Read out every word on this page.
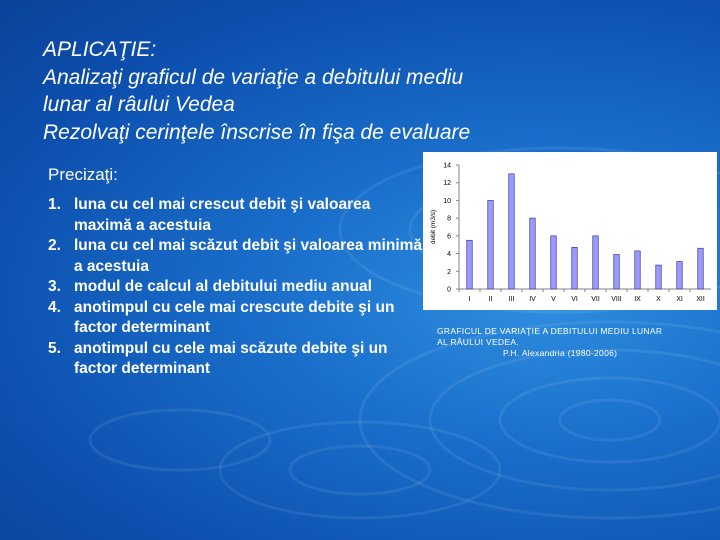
APLICAŢIE:
Analizaţi graficul de variaţie a debitului mediu
lunar al râului Vedea
Rezolvaţi cerinţele înscrise în fişa de evaluare
Precizaţi:
1. luna cu cel mai crescut debit şi valoarea maximă a acestuia
2. luna cu cel mai scăzut debit şi valoarea minimă a acestuia
3. modul de calcul al debitului mediu anual
4. anotimpul cu cele mai crescute debite şi un factor determinant
5. anotimpul cu cele mai scăzute debite şi un factor determinant
0
2
4
6
8
10
12
14
debit (m3/s)
I	II III IV V VI VII VIII IX X XI XII
GRAFICUL DE VARIAŢIE A DEBITULUI MEDIU LUNAR
AL RÂULUI VEDEA.
P.H. Alexandria (1980-2006)
